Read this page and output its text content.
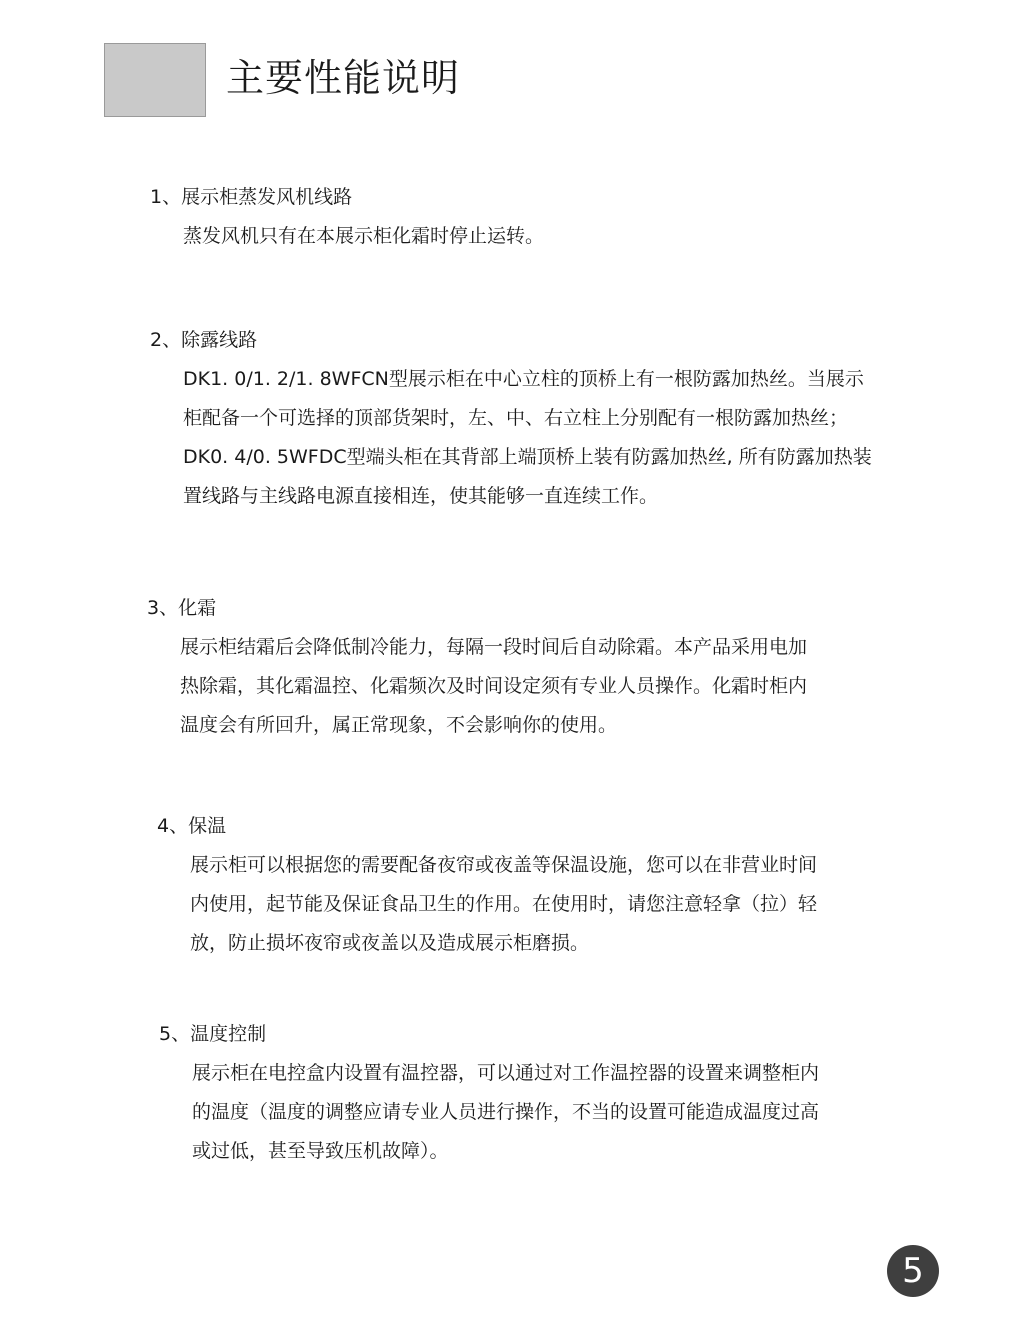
主要性能说明

1、展示柜蒸发风机线路

蒸发风机只有在本展示柜化霜时停止运转。

2、除露线路

DK1. 0/1. 2/1. 8WFCN型展示柜在中心立柱的顶桥上有一根防露加热丝。当展示
柜配备一个可选择的顶部货架时，左、中、右立柱上分别配有一根防露加热丝；
DK0. 4/0. 5WFDC型端头柜在其背部上端顶桥上装有防露加热丝, 所有防露加热装
置线路与主线路电源直接相连，使其能够一直连续工作。

3、化霜

展示柜结霜后会降低制冷能力，每隔一段时间后自动除霜。本产品采用电加
热除霜，其化霜温控、化霜频次及时间设定须有专业人员操作。化霜时柜内
温度会有所回升，属正常现象，不会影响你的使用。

4、保温

展示柜可以根据您的需要配备夜帘或夜盖等保温设施，您可以在非营业时间
内使用，起节能及保证食品卫生的作用。在使用时，请您注意轻拿（拉）轻
放，防止损坏夜帘或夜盖以及造成展示柜磨损。

5、温度控制

展示柜在电控盒内设置有温控器，可以通过对工作温控器的设置来调整柜内
的温度（温度的调整应请专业人员进行操作，不当的设置可能造成温度过高
或过低，甚至导致压机故障）。

5
